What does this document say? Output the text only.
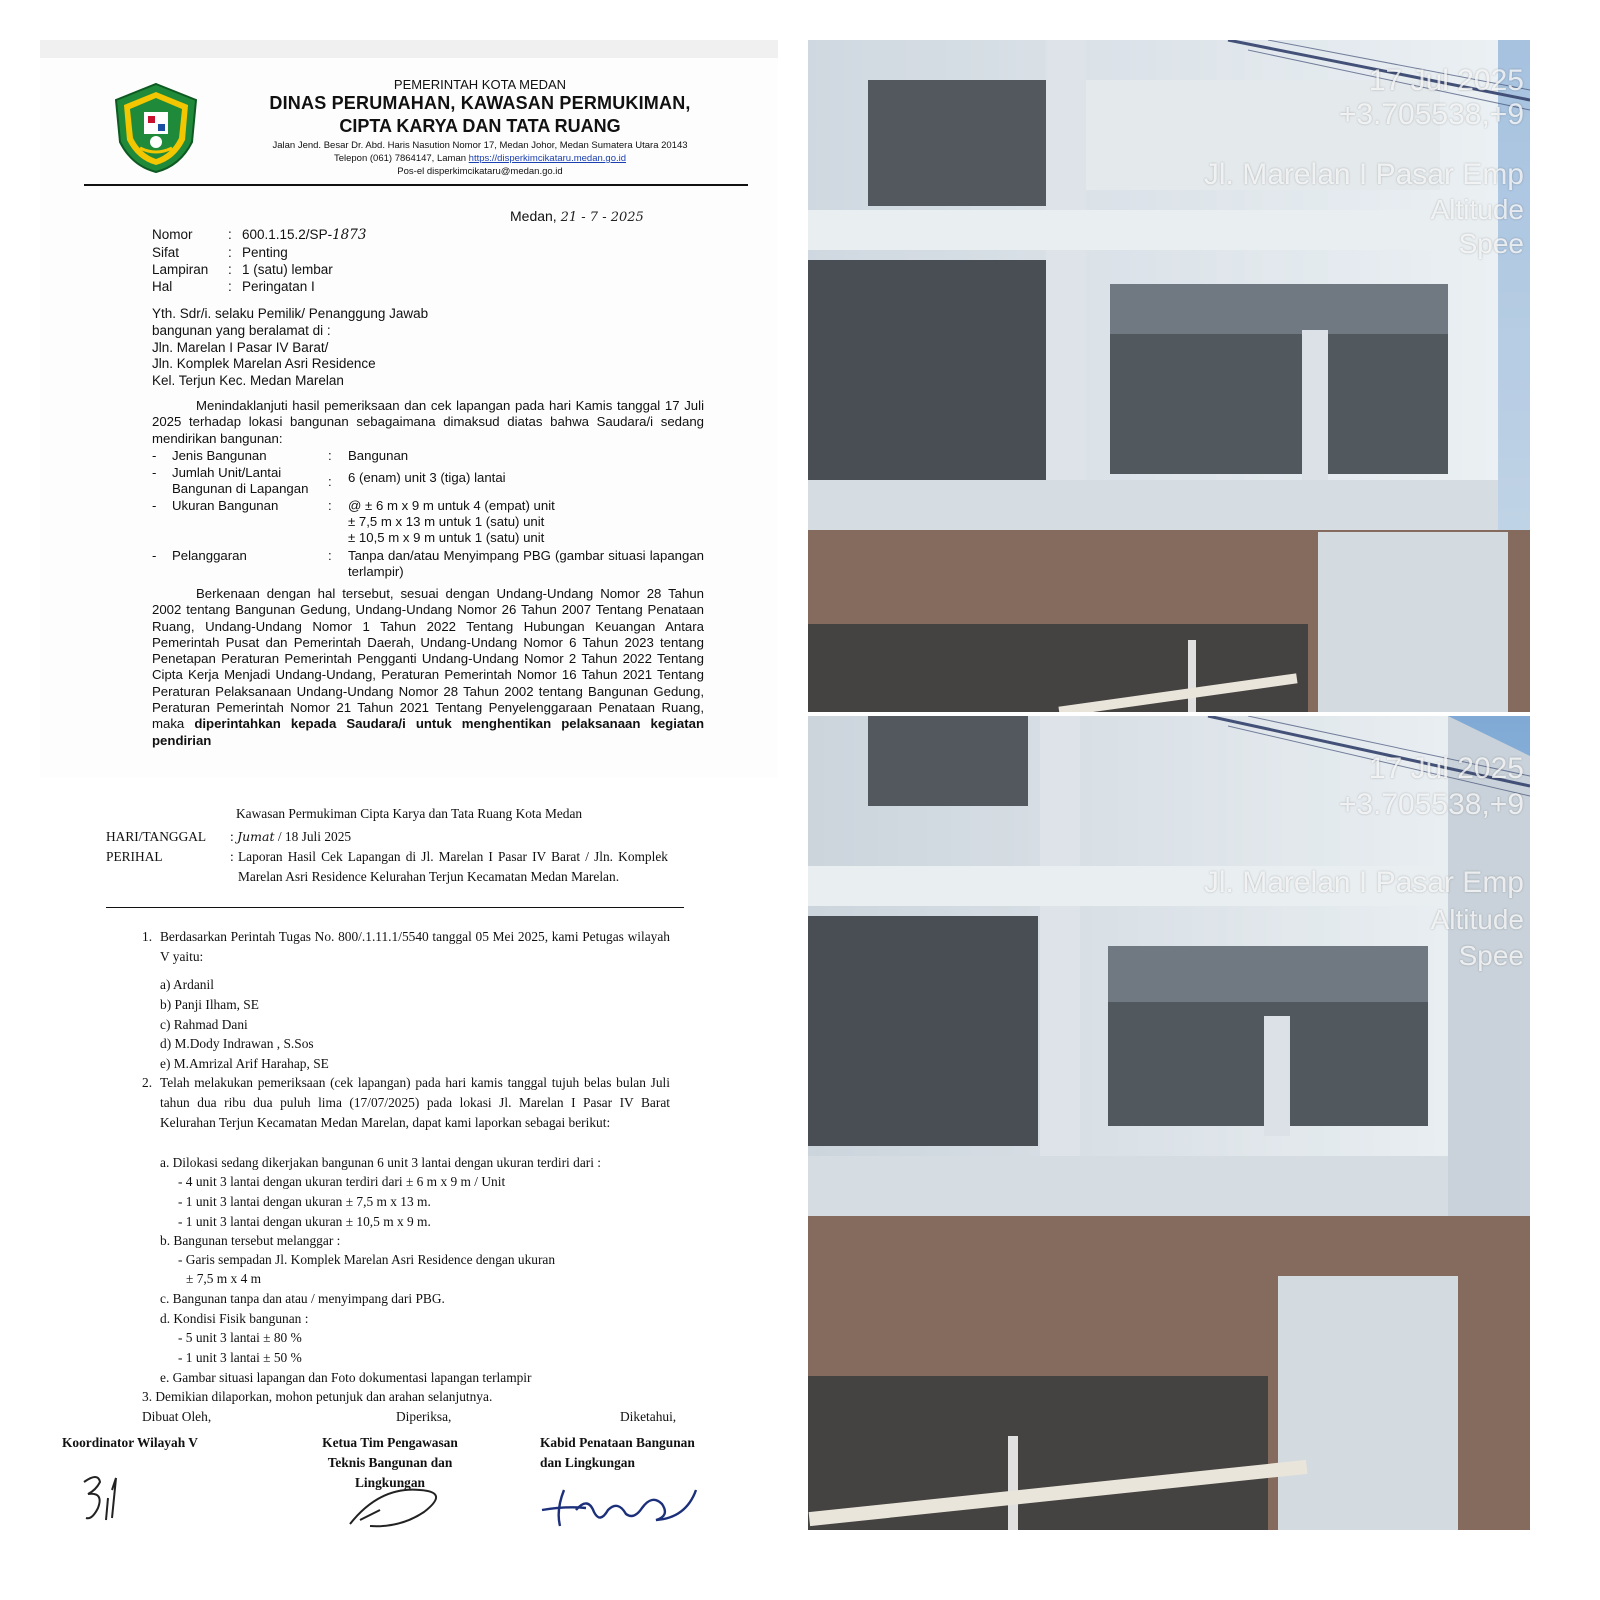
PEMERINTAH KOTA MEDAN
DINAS PERUMAHAN, KAWASAN PERMUKIMAN,
CIPTA KARYA DAN TATA RUANG
Jalan Jend. Besar Dr. Abd. Haris Nasution Nomor 17, Medan Johor, Medan Sumatera Utara 20143
Telepon (061) 7864147, Laman https://disperkimcikataru.medan.go.id
Pos-el disperkimcikataru@medan.go.id
Medan, 21 - 7 - 2025
Nomor	: 600.1.15.2/SP-1873
Sifat	: Penting
Lampiran : 1 (satu) lembar
Hal	: Peringatan I
Yth. Sdr/i. selaku Pemilik/ Penanggung Jawab
bangunan yang beralamat di :
Jln. Marelan I Pasar IV Barat/
Jln. Komplek Marelan Asri Residence
Kel. Terjun Kec. Medan Marelan
Menindaklanjuti hasil pemeriksaan dan cek lapangan pada hari Kamis tanggal 17 Juli 2025 terhadap lokasi bangunan sebagaimana dimaksud diatas bahwa Saudara/i sedang mendirikan bangunan:
- Jenis Bangunan	: Bangunan
- Jumlah Unit/Lantai Bangunan di Lapangan	: 6 (enam) unit 3 (tiga) lantai
- Ukuran Bangunan	: @ ± 6 m x 9 m untuk 4 (empat) unit
± 7,5 m x 13 m untuk 1 (satu) unit
± 10,5 m x 9 m untuk 1 (satu) unit
- Pelanggaran	: Tanpa dan/atau Menyimpang PBG (gambar situasi lapangan terlampir)
Berkenaan dengan hal tersebut, sesuai dengan Undang-Undang Nomor 28 Tahun 2002 tentang Bangunan Gedung, Undang-Undang Nomor 26 Tahun 2007 Tentang Penataan Ruang, Undang-Undang Nomor 1 Tahun 2022 Tentang Hubungan Keuangan Antara Pemerintah Pusat dan Pemerintah Daerah, Undang-Undang Nomor 6 Tahun 2023 tentang Penetapan Peraturan Pemerintah Pengganti Undang-Undang Nomor 2 Tahun 2022 Tentang Cipta Kerja Menjadi Undang-Undang, Peraturan Pemerintah Nomor 16 Tahun 2021 Tentang Peraturan Pelaksanaan Undang-Undang Nomor 28 Tahun 2002 tentang Bangunan Gedung, Peraturan Pemerintah Nomor 21 Tahun 2021 Tentang Penyelenggaraan Penataan Ruang, maka diperintahkan kepada Saudara/i untuk menghentikan pelaksanaan kegiatan pendirian
Kawasan Permukiman Cipta Karya dan Tata Ruang Kota Medan
HARI/TANGGAL : Jumat / 18 Juli 2025
PERIHAL	: Laporan Hasil Cek Lapangan di Jl. Marelan I Pasar IV Barat / Jln. Komplek Marelan Asri Residence Kelurahan Terjun Kecamatan Medan Marelan.
1. Berdasarkan Perintah Tugas No. 800/.1.11.1/5540 tanggal 05 Mei 2025, kami Petugas wilayah V yaitu:
a) Ardanil
b) Panji Ilham, SE
c) Rahmad Dani
d) M.Dody Indrawan , S.Sos
e) M.Amrizal Arif Harahap, SE
2. Telah melakukan pemeriksaan (cek lapangan) pada hari kamis tanggal tujuh belas bulan Juli tahun dua ribu dua puluh lima (17/07/2025) pada lokasi Jl. Marelan I Pasar IV Barat Kelurahan Terjun Kecamatan Medan Marelan, dapat kami laporkan sebagai berikut:
a. Dilokasi sedang dikerjakan bangunan 6 unit 3 lantai dengan ukuran terdiri dari :
- 4 unit 3 lantai dengan ukuran terdiri dari ± 6 m x 9 m / Unit
- 1 unit 3 lantai dengan ukuran ± 7,5 m x 13 m.
- 1 unit 3 lantai dengan ukuran ± 10,5 m x 9 m.
b. Bangunan tersebut melanggar :
- Garis sempadan Jl. Komplek Marelan Asri Residence dengan ukuran
± 7,5 m x 4 m
c. Bangunan tanpa dan atau / menyimpang dari PBG.
d. Kondisi Fisik bangunan :
- 5 unit 3 lantai ± 80 %
- 1 unit 3 lantai ± 50 %
e. Gambar situasi lapangan dan Foto dokumentasi lapangan terlampir
3. Demikian dilaporkan, mohon petunjuk dan arahan selanjutnya.
Dibuat Oleh,	Diperiksa,	Diketahui,
Koordinator Wilayah V	Ketua Tim Pengawasan
Teknis Bangunan dan
Lingkungan
Kabid Penataan Bangunan
dan Lingkungan
17 Jul 2025
+3.705538,+9
Jl. Marelan I Pasar Emp
Altitude
Spee
17 Jul 2025
+3.705538,+9
Jl. Marelan I Pasar Emp
Altitude
Spee
